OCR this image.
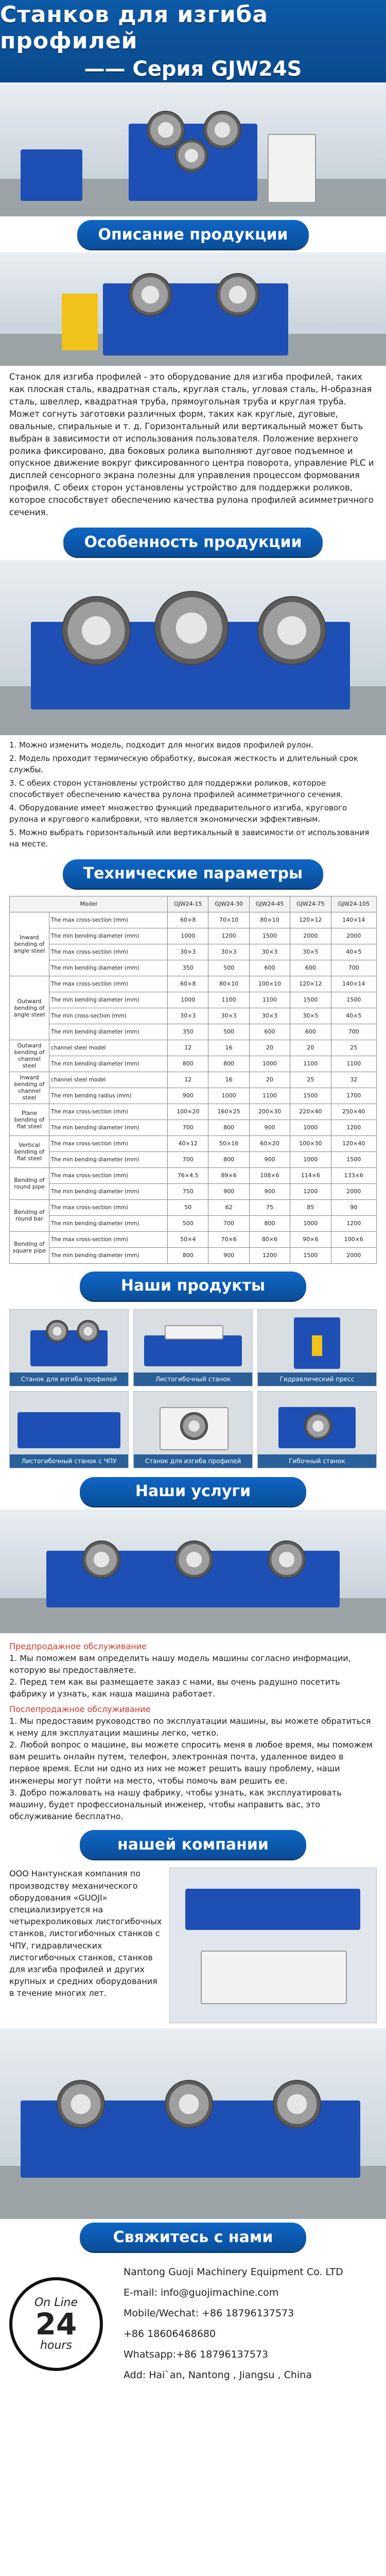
Станков для изгиба профилей
—— Серия GJW24S
Описание продукции
Станок для изгиба профилей - это оборудование для изгиба профилей, таких как плоская сталь, квадратная сталь, круглая сталь, угловая сталь, H-образная сталь, швеллер, квадратная труба, прямоугольная труба и круглая труба. Может согнуть заготовки различных форм, таких как круглые, дуговые, овальные, спиральные и т. д. Горизонтальный или вертикальный может быть выбран в зависимости от использования пользователя. Положение верхнего ролика фиксировано, два боковых ролика выполняют дуговое подъемное и опускное движение вокруг фиксированного центра поворота, управление PLC и дисплей сенсорного экрана полезны для управления процессом формования профиля. С обеих сторон установлены устройство для поддержки роликов, которое способствует обеспечению качества рулона профилей асимметричного сечения.
Особенность продукции
1. Можно изменить модель, подходит для многих видов профилей рулон.
2. Модель проходит термическую обработку, высокая жесткость и длительный срок службы.
3. С обеих сторон установлены устройство для поддержки роликов, которое способствует обеспечению качества рулона профилей асимметричного сечения.
4. Оборудование имеет множество функций предварительного изгиба, кругового рулона и кругового калибровки, что является экономически эффективным.
5. Можно выбрать горизонтальный или вертикальный в зависимости от использования на месте.
Технические параметры
Model		GJW24-15	GJW24-30	GJW24-45	GJW24-75	GJW24-105
Inward bending of angle steel	The max cross-section (mm)	60×8	70×10	80×10	120×12	140×14
	The min bending diameter (mm)	1000	1200	1500	2000	2000
	The max cross-section (mm)	30×3	30×3	30×3	30×5	40×5
	The min bending diameter (mm)	350	500	600	600	700
Outward bending of angle steel	The max cross-section (mm)	60×8	80×10	100×10	120×12	140×14
	The min bending diameter (mm)	1000	1100	1100	1500	1500
	The min cross-section (mm)	30×3	30×3	30×3	30×5	40×5
	The min bending diameter (mm)	350	500	600	600	700
Outward bending of channel steel	channel steel model	12	16	20	20	25
	The min bending diameter (mm)	800	800	1000	1100	1100
Inward bending of channel steel	channel steel model	12	16	20	25	32
	The min bending radius (mm)	900	1000	1100	1500	1700
Plane bending of flat steel	The max cross-section (mm)	100×20	160×25	200×30	220×40	250×40
	The min bending diameter (mm)	700	800	900	1000	1200
Vertical bending of flat steel	The max cross-section (mm)	40×12	50×16	60×20	100×30	120×40
	The min bending diameter (mm)	700	800	900	1000	1500
Bending of round pipe	The max cross-section (mm)	76×4.5	89×6	108×6	114×6	133×6
	The min bending diameter (mm)	750	900	900	1200	2000
Bending of round bar	The max cross-section (mm)	50	62	75	85	90
	The min bending diameter (mm)	500	700	800	1000	1200
Bending of square pipe	The max cross-section (mm)	50×4	70×6	80×6	90×6	100×6
	The min bending diameter (mm)	800	900	1200	1500	2000
Наши продукты
Станок для изгиба профилей	Листогибочный станок	Гидравлический пресс
Листогибочный станок с ЧПУ	Станок для изгиба профилей	Гибочный станок
Наши услуги
Предпродажное обслуживание
1. Мы поможем вам определить нашу модель машины согласно информации, которую вы предоставляете.
2. Перед тем как вы размещаете заказ с нами, вы очень радушно посетить фабрику и узнать, как наша машина работает.
Послепродажное обслуживание
1. Мы предоставим руководство по эксплуатации машины, вы можете обратиться к нему для эксплуатации машины легко, четко.
2. Любой вопрос о машине, вы можете спросить меня в любое время, мы поможем вам решить онлайн путем, телефон, электронная почта, удаленное видео в первое время. Если ни одно из них не может решить вашу проблему, наши инженеры могут пойти на место, чтобы помочь вам решить ее.
3. Добро пожаловать на нашу фабрику, чтобы узнать, как эксплуатировать машину, будет профессиональный инженер, чтобы направить вас, это обслуживание бесплатно.
нашей компании
ООО Нантунская компания по производству механического оборудования «GUOJI» специализируется на четырехроликовых листогибочных станков, листогибочных станков с ЧПУ, гидравлических листогибочных станков, станков для изгиба профилей и других крупных и средних оборудования в течение многих лет.
Свяжитесь с нами
On Line
24
hours
Nantong Guoji Machinery Equipment Co. LTD
E-mail: info@guojimachine.com
Mobile/Wechat: +86 18796137573
+86 18606468680
Whatsapp:+86 18796137573
Add: Hai`an, Nantong , Jiangsu , China
